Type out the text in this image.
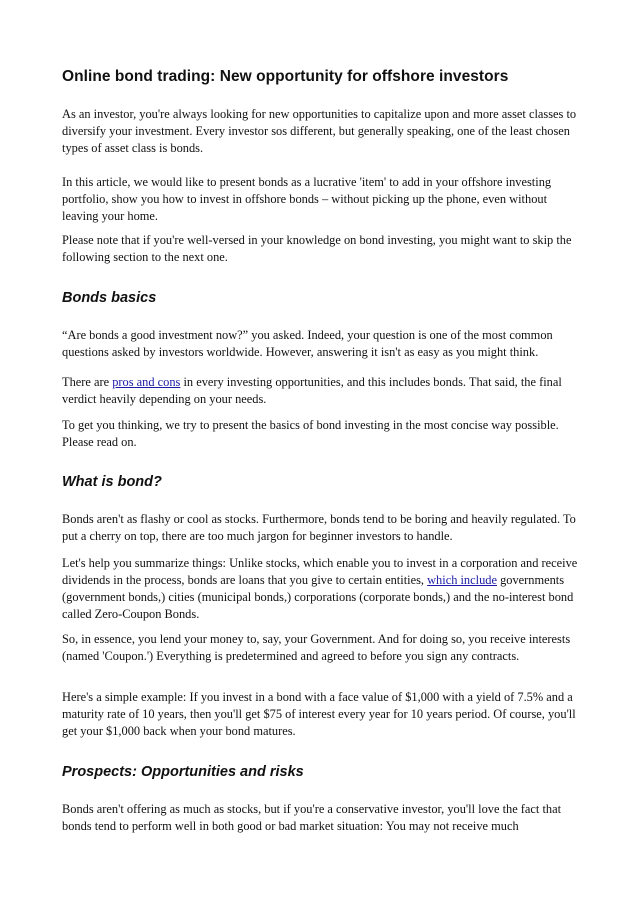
Online bond trading: New opportunity for offshore investors

As an investor, you're always looking for new opportunities to capitalize upon and more asset classes to diversify your investment. Every investor sos different, but generally speaking, one of the least chosen types of asset class is bonds.

In this article, we would like to present bonds as a lucrative 'item' to add in your offshore investing portfolio, show you how to invest in offshore bonds – without picking up the phone, even without leaving your home.

Please note that if you're well-versed in your knowledge on bond investing, you might want to skip the following section to the next one.

Bonds basics

“Are bonds a good investment now?” you asked. Indeed, your question is one of the most common questions asked by investors worldwide. However, answering it isn't as easy as you might think.

There are pros and cons in every investing opportunities, and this includes bonds. That said, the final verdict heavily depending on your needs.

To get you thinking, we try to present the basics of bond investing in the most concise way possible. Please read on.

What is bond?

Bonds aren't as flashy or cool as stocks. Furthermore, bonds tend to be boring and heavily regulated. To put a cherry on top, there are too much jargon for beginner investors to handle.

Let's help you summarize things: Unlike stocks, which enable you to invest in a corporation and receive dividends in the process, bonds are loans that you give to certain entities, which include governments (government bonds,) cities (municipal bonds,) corporations (corporate bonds,) and the no-interest bond called Zero-Coupon Bonds.

So, in essence, you lend your money to, say, your Government. And for doing so, you receive interests (named 'Coupon.') Everything is predetermined and agreed to before you sign any contracts.

Here's a simple example: If you invest in a bond with a face value of $1,000 with a yield of 7.5% and a maturity rate of 10 years, then you'll get $75 of interest every year for 10 years period. Of course, you'll get your $1,000 back when your bond matures.

Prospects: Opportunities and risks

Bonds aren't offering as much as stocks, but if you're a conservative investor, you'll love the fact that bonds tend to perform well in both good or bad market situation: You may not receive much
